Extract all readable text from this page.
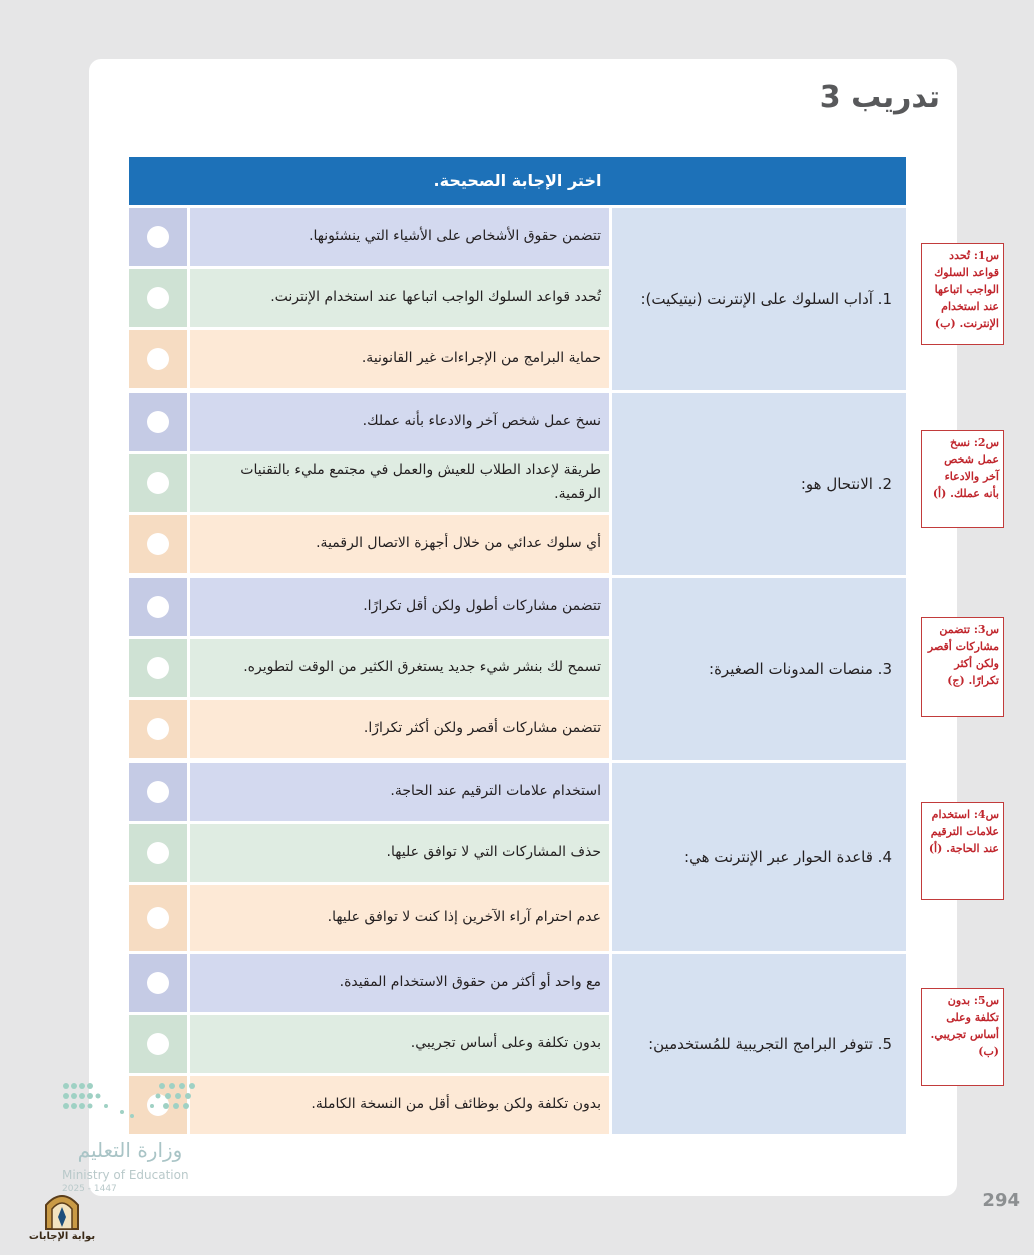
تدريب 3
اختر الإجابة الصحيحة.
1. آداب السلوك على الإنترنت (نيتيكيت):
تتضمن حقوق الأشخاص على الأشياء التي ينشئونها.
تُحدد قواعد السلوك الواجب اتباعها عند استخدام الإنترنت.
حماية البرامج من الإجراءات غير القانونية.
2. الانتحال هو:
نسخ عمل شخص آخر والادعاء بأنه عملك.
طريقة لإعداد الطلاب للعيش والعمل في مجتمع مليء بالتقنيات الرقمية.
أي سلوك عدائي من خلال أجهزة الاتصال الرقمية.
3. منصات المدونات الصغيرة:
تتضمن مشاركات أطول ولكن أقل تكرارًا.
تسمح لك بنشر شيء جديد يستغرق الكثير من الوقت لتطويره.
تتضمن مشاركات أقصر ولكن أكثر تكرارًا.
4. قاعدة الحوار عبر الإنترنت هي:
استخدام علامات الترقيم عند الحاجة.
حذف المشاركات التي لا توافق عليها.
عدم احترام آراء الآخرين إذا كنت لا توافق عليها.
5. تتوفر البرامج التجريبية للمُستخدمين:
مع واحد أو أكثر من حقوق الاستخدام المقيدة.
بدون تكلفة وعلى أساس تجريبي.
بدون تكلفة ولكن بوظائف أقل من النسخة الكاملة.
س1: تُحدد قواعد السلوك الواجب اتباعها عند استخدام الإنترنت. (ب)
س2: نسخ عمل شخص آخر والادعاء بأنه عملك. (أ)
س3: تتضمن مشاركات أقصر ولكن أكثر تكرارًا. (ج)
س4: استخدام علامات الترقيم عند الحاجة. (أ)
س5: بدون تكلفة وعلى أساس تجريبي. (ب)
وزارة التعليم
Ministry of Education
2025 - 1447
294
بوابة الإجابات
